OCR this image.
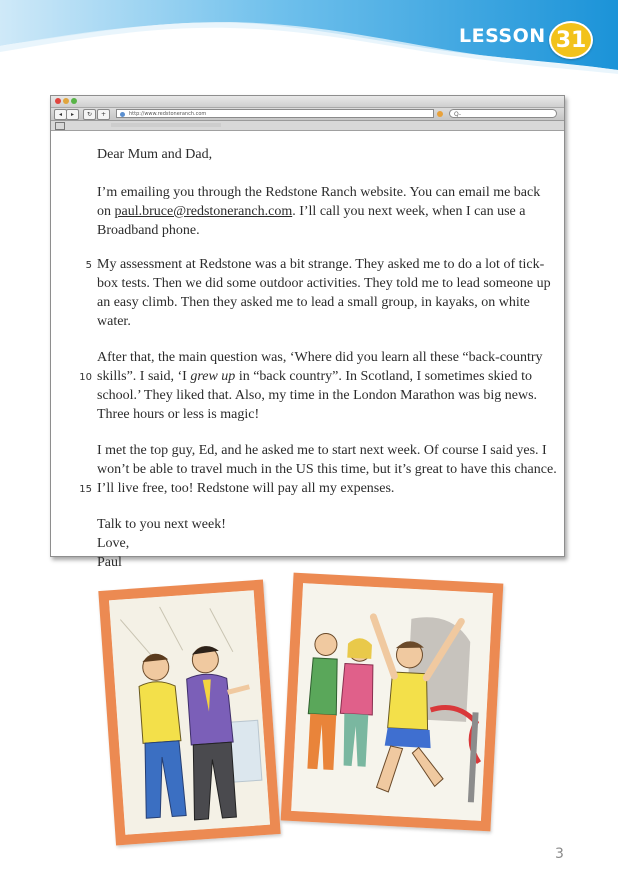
LESSON 31
◂	▸	↻	+	http://www.redstoneranch.com	Q-

Dear Mum and Dad,

I’m emailing you through the Redstone Ranch website. You can email me back on paul.bruce@redstoneranch.com. I’ll call you next week, when I can use a Broadband phone.

5 My assessment at Redstone was a bit strange. They asked me to do a lot of tick-box tests. Then we did some outdoor activities. They told me to lead someone up an easy climb. Then they asked me to lead a small group, in kayaks, on white water.

10
After that, the main question was, ‘Where did you learn all these “back-country skills”. I said, ‘I grew up in “back country”. In Scotland, I sometimes skied to school.’ They liked that. Also, my time in the London Marathon was big news. Three hours or less is magic!

15
I met the top guy, Ed, and he asked me to start next week. Of course I said yes. I won’t be able to travel much in the US this time, but it’s great to have this chance. I’ll live free, too! Redstone will pay all my expenses.

Talk to you next week!

Love,

Paul

3
